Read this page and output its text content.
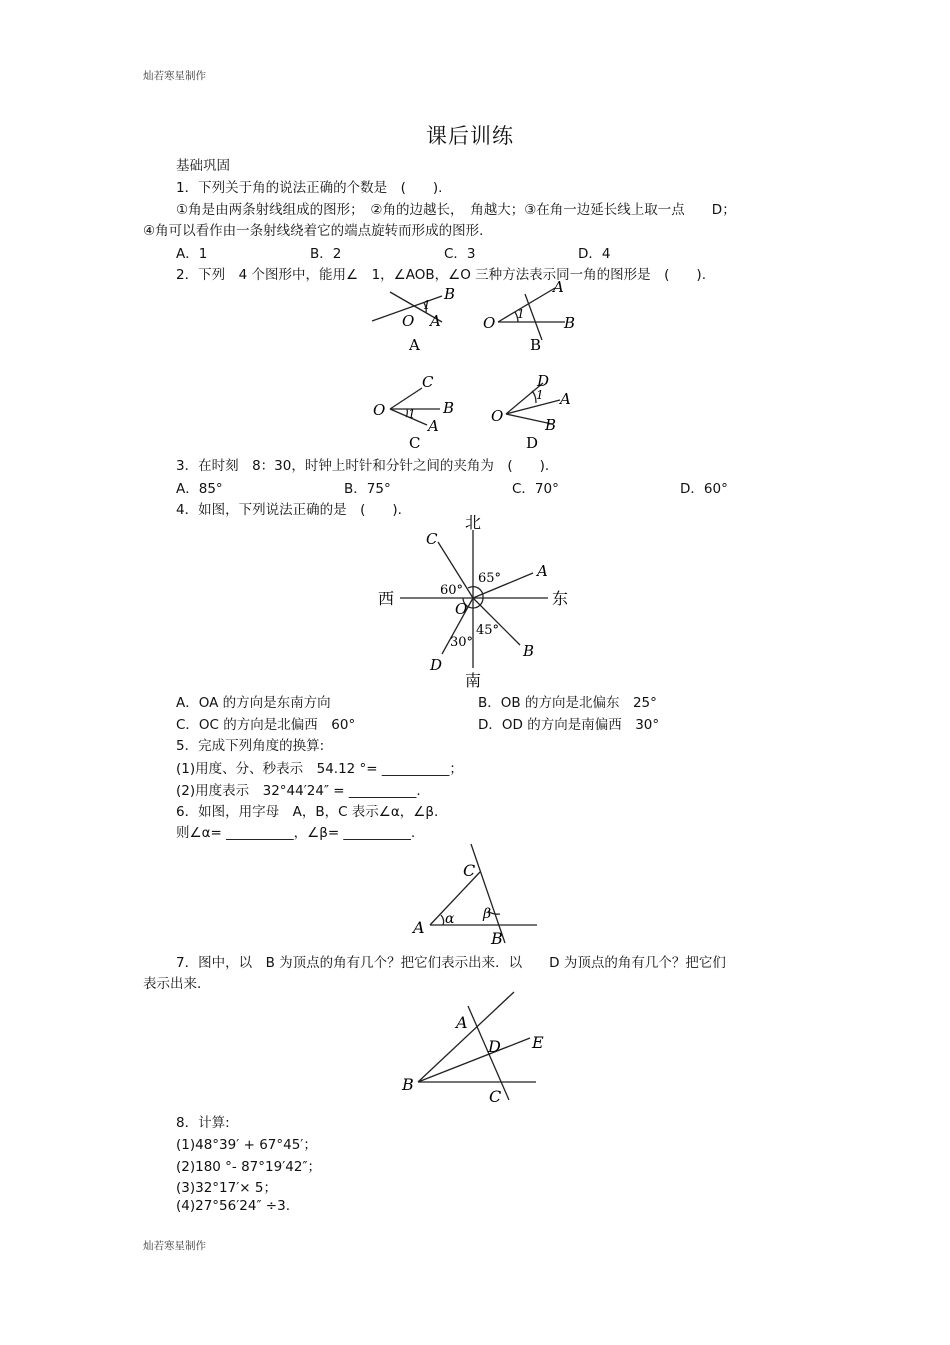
灿若寒星制作
课后训练
基础巩固
1．下列关于角的说法正确的个数是　(　　).
①角是由两条射线组成的图形；　②角的边越长，　角越大；③在角一边延长线上取一点　　D；
④角可以看作由一条射线绕着它的端点旋转而形成的图形.
A．1	B．2	C．3	D．4
2．下列　4 个图形中，能用∠　1，∠AOB，∠O 三种方法表示同一角的图形是　(　　).
B
1
O A
A
A
1
O	B
B
C
1
O	B
A
C
D
1 A
O	B
D
3．在时刻　8：30，时钟上时针和分针之间的夹角为　(　　).
A．85°	B．75°	C．70°	D．60°
4．如图，下列说法正确的是　(　　).
北
南
东
西
O
A
B
C
D
60°
65°
30°
45°
A．OA 的方向是东南方向	B．OB 的方向是北偏东　25°
C．OC 的方向是北偏西　60°	D．OD 的方向是南偏西　30°
5．完成下列角度的换算:
(1)用度、分、秒表示　54.12 °= __________；
(2)用度表示　32°44′24″ = __________.
6．如图，用字母　A，B，C 表示∠α，∠β.
则∠α= __________，∠β= __________.
C
A α β
B
7．图中，以　B 为顶点的角有几个？把它们表示出来．以　　D 为顶点的角有几个？把它们
表示出来.
A
D E
B
C
8．计算:
(1)48°39′ + 67°45′；
(2)180 °- 87°19′42″；
(3)32°17′× 5；
(4)27°56′24″ ÷3.
灿若寒星制作
